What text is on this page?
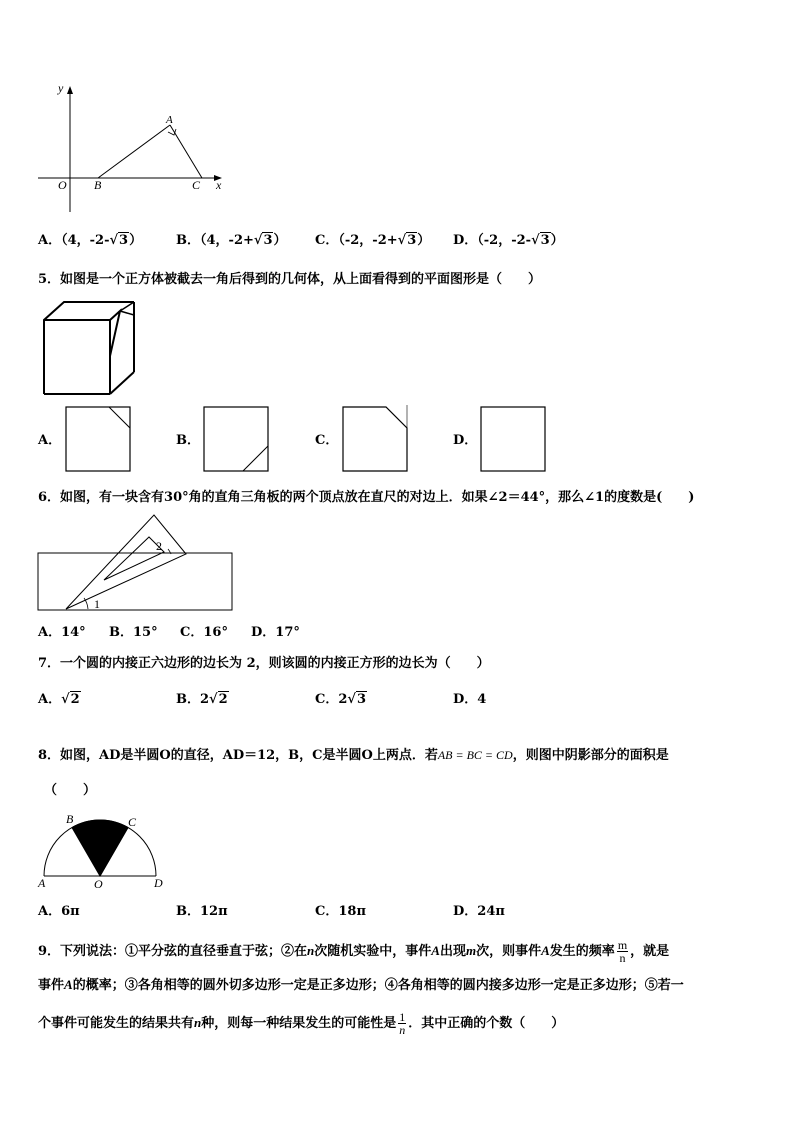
y
A
O B	C x
A．（4，-2-√3）	B．（4，-2+√3） C．（-2，-2+√3） D．（-2，-2-√3）
5．如图是一个正方体被截去一角后得到的几何体，从上面看得到的平面图形是（　　）
A．	B．	C．	D．
6．如图，有一块含有30°角的直角三角板的两个顶点放在直尺的对边上．如果∠2＝44°，那么∠1的度数是(　　)
2
1
A．14° B．15° C．16° D．17°
7．一个圆的内接正六边形的边长为 2，则该圆的内接正方形的边长为（　　）
A．√2	B．2√2	C．2√3	D．4
8．如图，AD是半圆O的直径，AD＝12，B，C是半圆O上两点．若AB = BC = CD，则图中阴影部分的面积是
（　　）
B	C
A	O	D
A．6π	B．12π	C．18π	D．24π
9．下列说法：①平分弦的直径垂直于弦；②在n次随机实验中，事件A出现m次，则事件A发生的频率 $\frac{m}{n}$ ，就是
事件A的概率；③各角相等的圆外切多边形一定是正多边形；④各角相等的圆内接多边形一定是正多边形；⑤若一
个事件可能发生的结果共有n种，则每一种结果发生的可能性是 $\frac{1}{n}$ ．其中正确的个数（　　）
